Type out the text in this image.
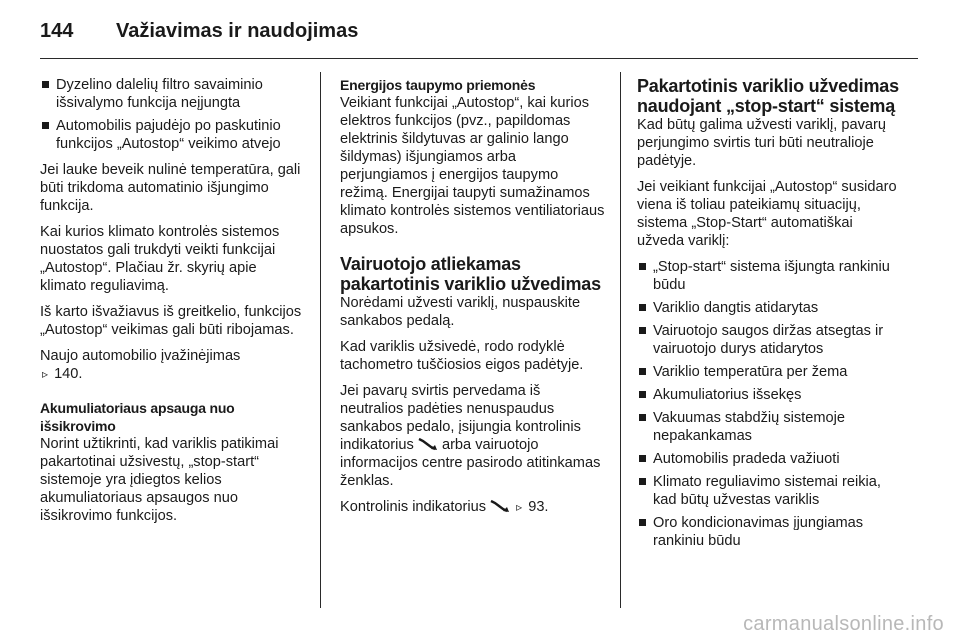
144 Važiavimas ir naudojimas
Dyzelino dalelių filtro savaiminio išsivalymo funkcija neįjungta
Automobilis pajudėjo po paskutinio funkcijos „Autostop“ veikimo atvejo

Jei lauke beveik nulinė temperatūra, gali būti trikdoma automatinio išjungimo funkcija.

Kai kurios klimato kontrolės sistemos nuostatos gali trukdyti veikti funkcijai „Autostop“. Plačiau žr. skyrių apie klimato reguliavimą.

Iš karto išvažiavus iš greitkelio, funkcijos „Autostop“ veikimas gali būti ribojamas.

Naujo automobilio įvažinėjimas
▹ 140.

Akumuliatoriaus apsauga nuo išsikrovimo

Norint užtikrinti, kad variklis patikimai pakartotinai užsivestų, „stop-start“ sistemoje yra įdiegtos kelios akumuliatoriaus apsaugos nuo išsikrovimo funkcijos.

Energijos taupymo priemonės

Veikiant funkcijai „Autostop“, kai kurios elektros funkcijos (pvz., papildomas elektrinis šildytuvas ar galinio lango šildymas) išjungiamos arba perjungiamos į energijos taupymo režimą. Energijai taupyti sumažinamos klimato kontrolės sistemos ventiliatoriaus apsukos.

Vairuotojo atliekamas pakartotinis variklio užvedimas

Norėdami užvesti variklį, nuspauskite sankabos pedalą.

Kad variklis užsivedė, rodo rodyklė tachometro tuščiosios eigos padėtyje.

Jei pavarų svirtis pervedama iš neutralios padėties nenuspaudus sankabos pedalo, įsijungia kontrolinis indikatorius arba vairuotojo informacijos centre pasirodo atitinkamas ženklas.

Kontrolinis indikatorius	▹ 93.

Pakartotinis variklio užvedimas naudojant „stop-start“ sistemą

Kad būtų galima užvesti variklį, pavarų perjungimo svirtis turi būti neutralioje padėtyje.

Jei veikiant funkcijai „Autostop“ susidaro viena iš toliau pateikiamų situacijų, sistema „Stop-Start“ automatiškai užveda variklį:

„Stop-start“ sistema išjungta rankiniu būdu
Variklio dangtis atidarytas
Vairuotojo saugos diržas atsegtas ir vairuotojo durys atidarytos
Variklio temperatūra per žema
Akumuliatorius išsekęs
Vakuumas stabdžių sistemoje nepakankamas
Automobilis pradeda važiuoti
Klimato reguliavimo sistemai reikia, kad būtų užvestas variklis
Oro kondicionavimas įjungiamas rankiniu būdu
carmanualsonline.info
